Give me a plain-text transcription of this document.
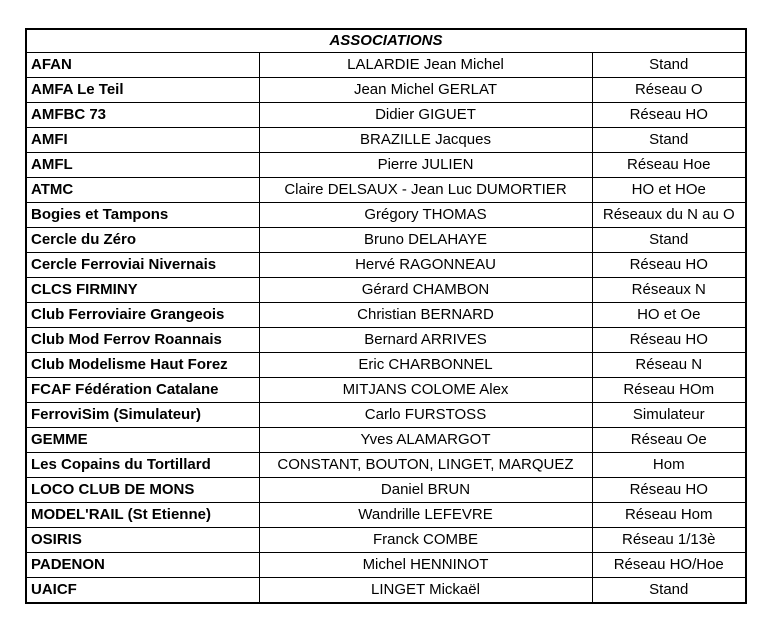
ASSOCIATIONS		
AFAN	LALARDIE Jean Michel	Stand
AMFA Le Teil	Jean Michel GERLAT	Réseau O
AMFBC 73	Didier GIGUET	Réseau HO
AMFI	BRAZILLE Jacques	Stand
AMFL	Pierre JULIEN	Réseau Hoe
ATMC	Claire DELSAUX - Jean Luc DUMORTIER	HO et HOe
Bogies et Tampons	Grégory THOMAS	Réseaux du N au O
Cercle du Zéro	Bruno DELAHAYE	Stand
Cercle Ferroviai Nivernais	Hervé RAGONNEAU	Réseau HO
CLCS FIRMINY	Gérard CHAMBON	Réseaux N
Club Ferroviaire Grangeois	Christian BERNARD	HO et Oe
Club Mod Ferrov Roannais	Bernard ARRIVES	Réseau HO
Club Modelisme Haut Forez	Eric CHARBONNEL	Réseau N
FCAF Fédération Catalane	MITJANS COLOME Alex	Réseau HOm
FerroviSim (Simulateur)	Carlo FURSTOSS	Simulateur
GEMME	Yves ALAMARGOT	Réseau Oe
Les Copains du Tortillard	CONSTANT, BOUTON, LINGET, MARQUEZ	Hom
LOCO CLUB DE MONS	Daniel BRUN	Réseau HO
MODEL'RAIL (St Etienne)	Wandrille LEFEVRE	Réseau Hom
OSIRIS	Franck COMBE	Réseau 1/13è
PADENON	Michel HENNINOT	Réseau HO/Hoe
UAICF	LINGET Mickaël	Stand
